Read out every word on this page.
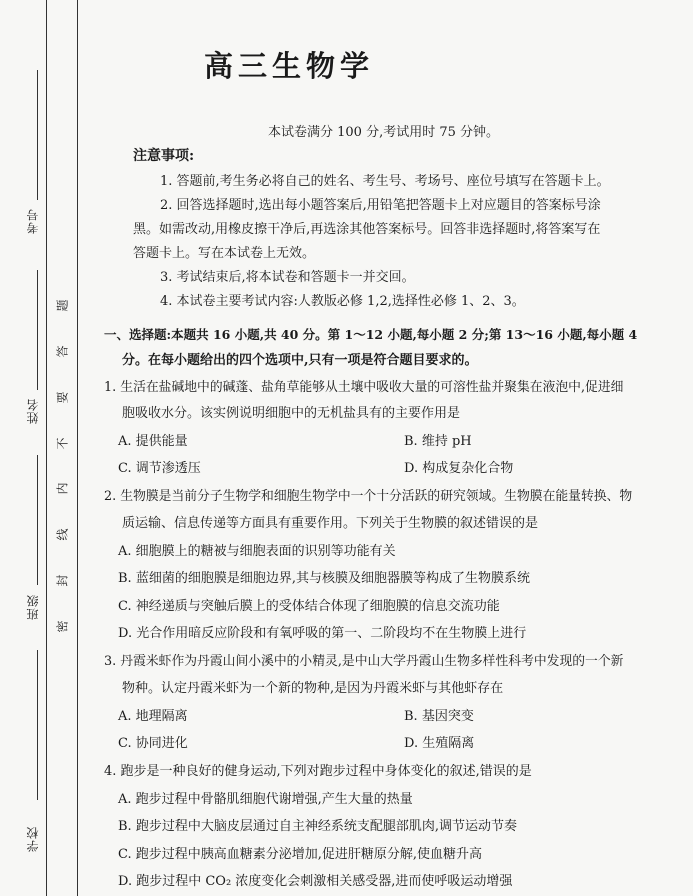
考号
姓名
班级
学校
题
答
要
不
内
线
封
密
高三生物学
本试卷满分 100 分,考试用时 75 分钟。
注意事项:
1. 答题前,考生务必将自己的姓名、考生号、考场号、座位号填写在答题卡上。
2. 回答选择题时,选出每小题答案后,用铅笔把答题卡上对应题目的答案标号涂
黑。如需改动,用橡皮擦干净后,再选涂其他答案标号。回答非选择题时,将答案写在
答题卡上。写在本试卷上无效。
3. 考试结束后,将本试卷和答题卡一并交回。
4. 本试卷主要考试内容:人教版必修 1,2,选择性必修 1、2、3。
一、选择题:本题共 16 小题,共 40 分。第 1～12 小题,每小题 2 分;第 13～16 小题,每小题 4
分。在每小题给出的四个选项中,只有一项是符合题目要求的。
1. 生活在盐碱地中的碱蓬、盐角草能够从土壤中吸收大量的可溶性盐并聚集在液泡中,促进细
胞吸收水分。该实例说明细胞中的无机盐具有的主要作用是
A. 提供能量	B. 维持 pH
C. 调节渗透压	D. 构成复杂化合物
2. 生物膜是当前分子生物学和细胞生物学中一个十分活跃的研究领域。生物膜在能量转换、物
质运输、信息传递等方面具有重要作用。下列关于生物膜的叙述错误的是
A. 细胞膜上的糖被与细胞表面的识别等功能有关
B. 蓝细菌的细胞膜是细胞边界,其与核膜及细胞器膜等构成了生物膜系统
C. 神经递质与突触后膜上的受体结合体现了细胞膜的信息交流功能
D. 光合作用暗反应阶段和有氧呼吸的第一、二阶段均不在生物膜上进行
3. 丹霞米虾作为丹霞山间小溪中的小精灵,是中山大学丹霞山生物多样性科考中发现的一个新
物种。认定丹霞米虾为一个新的物种,是因为丹霞米虾与其他虾存在
A. 地理隔离	B. 基因突变
C. 协同进化	D. 生殖隔离
4. 跑步是一种良好的健身运动,下列对跑步过程中身体变化的叙述,错误的是
A. 跑步过程中骨骼肌细胞代谢增强,产生大量的热量
B. 跑步过程中大脑皮层通过自主神经系统支配腿部肌肉,调节运动节奏
C. 跑步过程中胰高血糖素分泌增加,促进肝糖原分解,使血糖升高
D. 跑步过程中 CO₂ 浓度变化会刺激相关感受器,进而使呼吸运动增强
